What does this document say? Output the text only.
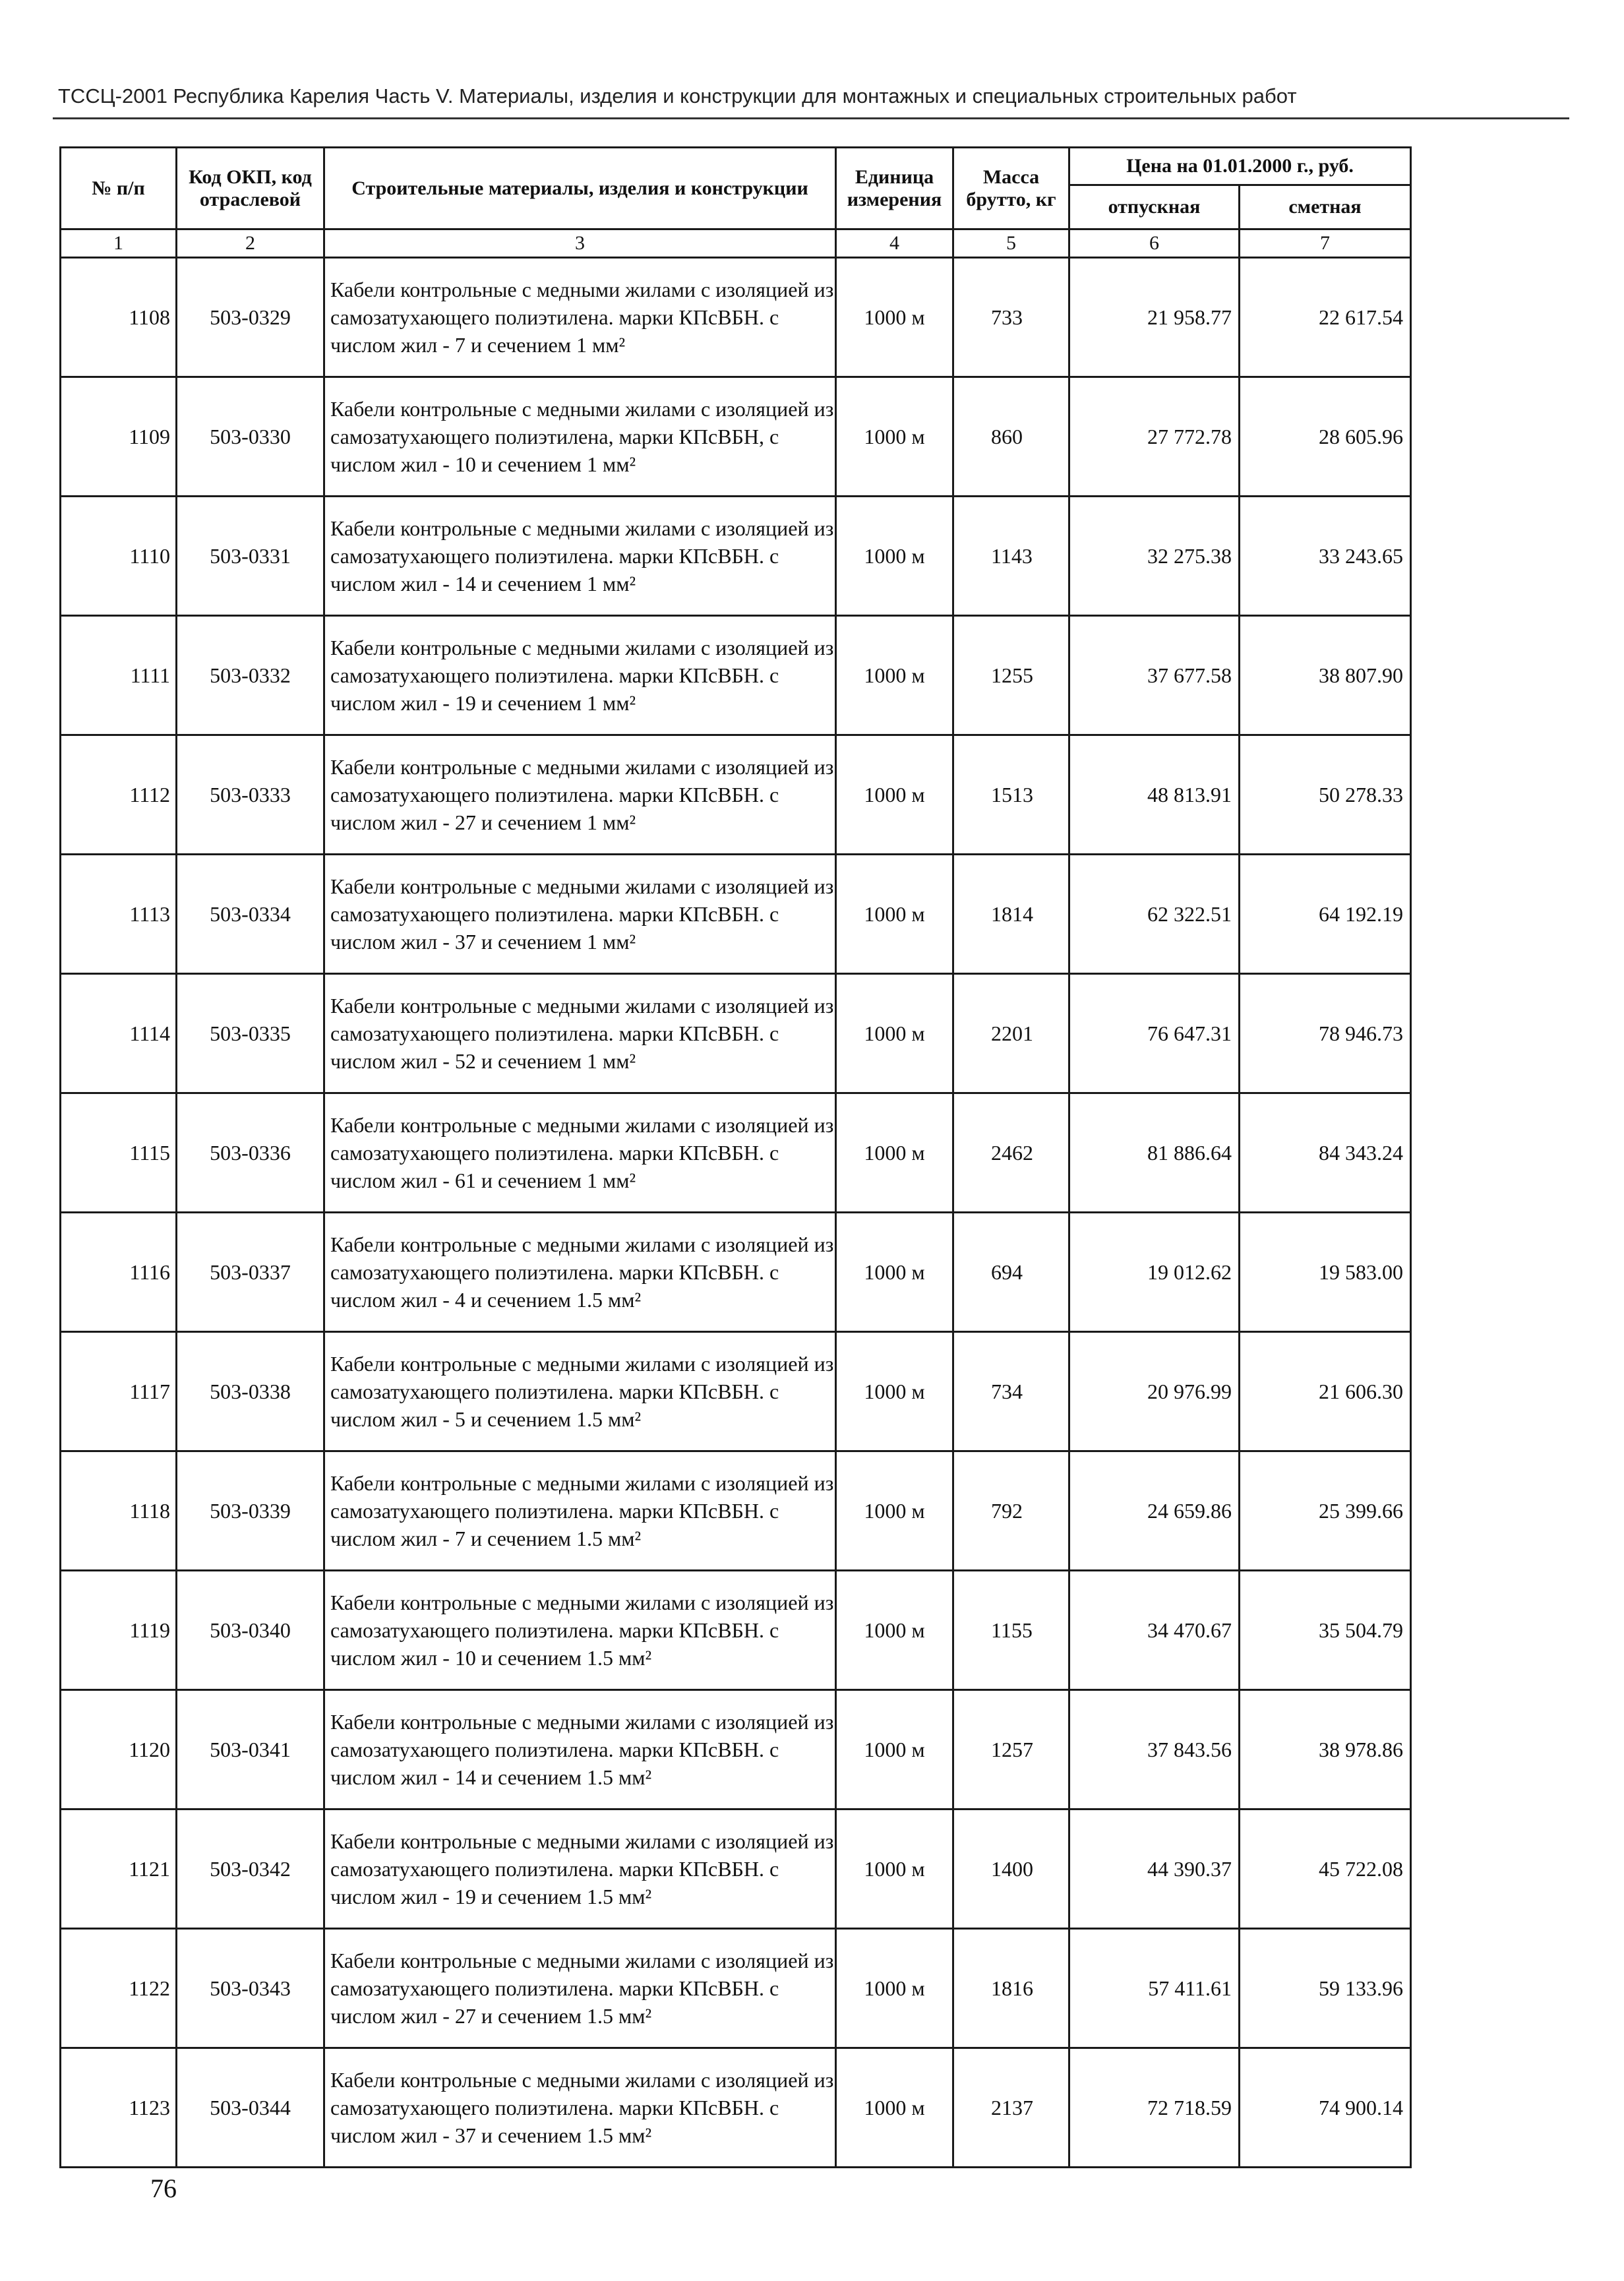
ТССЦ-2001 Республика Карелия Часть V. Материалы, изделия и конструкции для монтажных и специальных строительных работ
№ п/п	Код ОКП, код отраслевой	Строительные материалы, изделия и конструкции	Единица измерения	Масса брутто, кг	Цена на 01.01.2000 г., руб.	
					отпускная	сметная
1	2	3	4	5	6	7
1108	503-0329	Кабели контрольные с медными жилами с изоляцией из самозатухающего полиэтилена. марки КПсВБН. с числом жил - 7 и сечением 1 мм²	1000 м	733	21 958.77	22 617.54
1109	503-0330	Кабели контрольные с медными жилами с изоляцией из самозатухающего полиэтилена, марки КПсВБН, с числом жил - 10 и сечением 1 мм²	1000 м	860	27 772.78	28 605.96
1110	503-0331	Кабели контрольные с медными жилами с изоляцией из самозатухающего полиэтилена. марки КПсВБН. с числом жил - 14 и сечением 1 мм²	1000 м	1143	32 275.38	33 243.65
1111	503-0332	Кабели контрольные с медными жилами с изоляцией из самозатухающего полиэтилена. марки КПсВБН. с числом жил - 19 и сечением 1 мм²	1000 м	1255	37 677.58	38 807.90
1112	503-0333	Кабели контрольные с медными жилами с изоляцией из самозатухающего полиэтилена. марки КПсВБН. с числом жил - 27 и сечением 1 мм²	1000 м	1513	48 813.91	50 278.33
1113	503-0334	Кабели контрольные с медными жилами с изоляцией из самозатухающего полиэтилена. марки КПсВБН. с числом жил - 37 и сечением 1 мм²	1000 м	1814	62 322.51	64 192.19
1114	503-0335	Кабели контрольные с медными жилами с изоляцией из самозатухающего полиэтилена. марки КПсВБН. с числом жил - 52 и сечением 1 мм²	1000 м	2201	76 647.31	78 946.73
1115	503-0336	Кабели контрольные с медными жилами с изоляцией из самозатухающего полиэтилена. марки КПсВБН. с числом жил - 61 и сечением 1 мм²	1000 м	2462	81 886.64	84 343.24
1116	503-0337	Кабели контрольные с медными жилами с изоляцией из самозатухающего полиэтилена. марки КПсВБН. с числом жил - 4 и сечением 1.5 мм²	1000 м	694	19 012.62	19 583.00
1117	503-0338	Кабели контрольные с медными жилами с изоляцией из самозатухающего полиэтилена. марки КПсВБН. с числом жил - 5 и сечением 1.5 мм²	1000 м	734	20 976.99	21 606.30
1118	503-0339	Кабели контрольные с медными жилами с изоляцией из самозатухающего полиэтилена. марки КПсВБН. с числом жил - 7 и сечением 1.5 мм²	1000 м	792	24 659.86	25 399.66
1119	503-0340	Кабели контрольные с медными жилами с изоляцией из самозатухающего полиэтилена. марки КПсВБН. с числом жил - 10 и сечением 1.5 мм²	1000 м	1155	34 470.67	35 504.79
1120	503-0341	Кабели контрольные с медными жилами с изоляцией из самозатухающего полиэтилена. марки КПсВБН. с числом жил - 14 и сечением 1.5 мм²	1000 м	1257	37 843.56	38 978.86
1121	503-0342	Кабели контрольные с медными жилами с изоляцией из самозатухающего полиэтилена. марки КПсВБН. с числом жил - 19 и сечением 1.5 мм²	1000 м	1400	44 390.37	45 722.08
1122	503-0343	Кабели контрольные с медными жилами с изоляцией из самозатухающего полиэтилена. марки КПсВБН. с числом жил - 27 и сечением 1.5 мм²	1000 м	1816	57 411.61	59 133.96
1123	503-0344	Кабели контрольные с медными жилами с изоляцией из самозатухающего полиэтилена. марки КПсВБН. с числом жил - 37 и сечением 1.5 мм²	1000 м	2137	72 718.59	74 900.14
76
